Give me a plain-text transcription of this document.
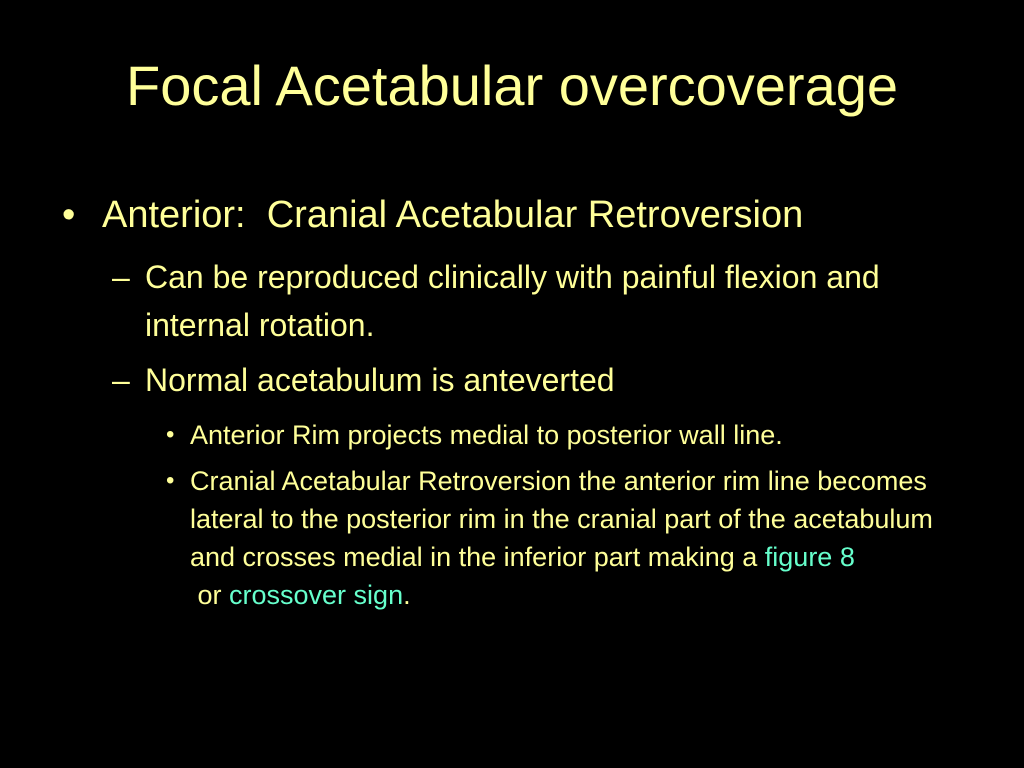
Focal Acetabular overcoverage
• Anterior:  Cranial Acetabular Retroversion
– Can be reproduced clinically with painful flexion and internal rotation.
– Normal acetabulum is anteverted
• Anterior Rim projects medial to posterior wall line.
• Cranial Acetabular Retroversion the anterior rim line becomes lateral to the posterior rim in the cranial part of the acetabulum and crosses medial in the inferior part making a figure 8 or crossover sign.
